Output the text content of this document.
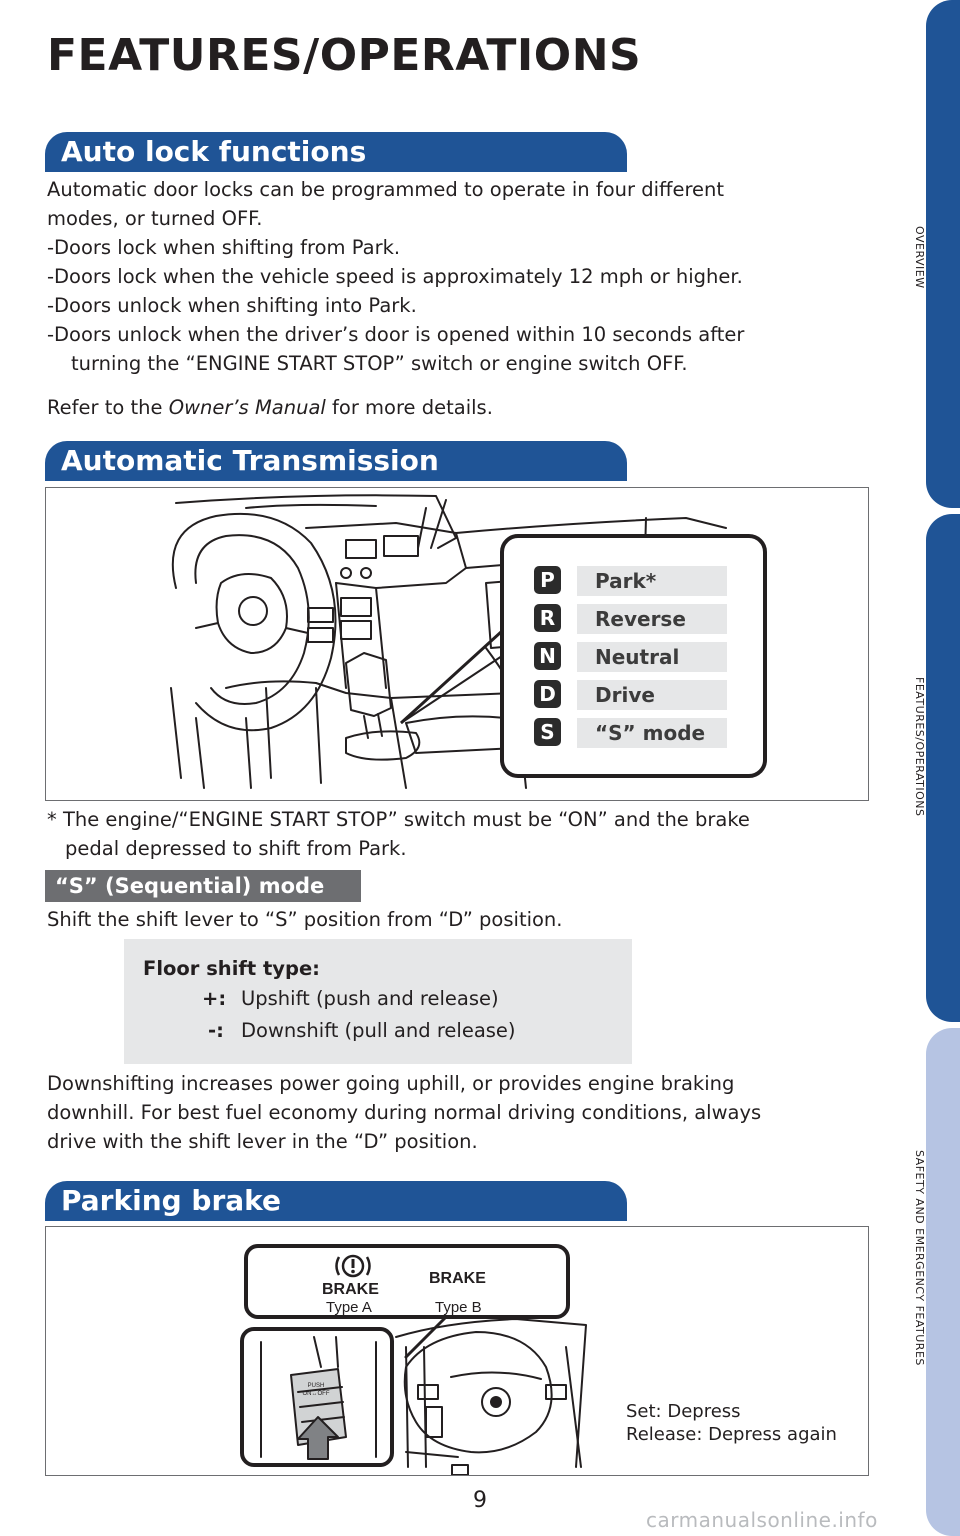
FEATURES/OPERATIONS
Auto lock functions
Automatic door locks can be programmed to operate in four different
modes, or turned OFF.
-Doors lock when shifting from Park.
-Doors lock when the vehicle speed is approximately 12 mph or higher.
-Doors unlock when shifting into Park.
-Doors unlock when the driver’s door is opened within 10 seconds after
turning the “ENGINE START STOP” switch or engine switch OFF.
Refer to the Owner’s Manual for more details.
Automatic Transmission
P	Park*
R	Reverse
N	Neutral
D	Drive
S	“S” mode
* The engine/“ENGINE START STOP” switch must be “ON” and the brake
pedal depressed to shift from Park.
“S” (Sequential) mode
Shift the shift lever to “S” position from “D” position.
Floor shift type:
+: Upshift (push and release)
-: Downshift (pull and release)
Downshifting increases power going uphill, or provides engine braking
downhill. For best fuel economy during normal driving conditions, always
drive with the shift lever in the “D” position.
Parking brake
PUSH
ON↔OFF
Set: Depress
Release: Depress again
BRAKE
Type A
BRAKE
Type B
OVERVIEW
FEATURES/OPERATIONS
SAFETY AND EMERGENCY FEATURES
9
carmanualsonline.info
